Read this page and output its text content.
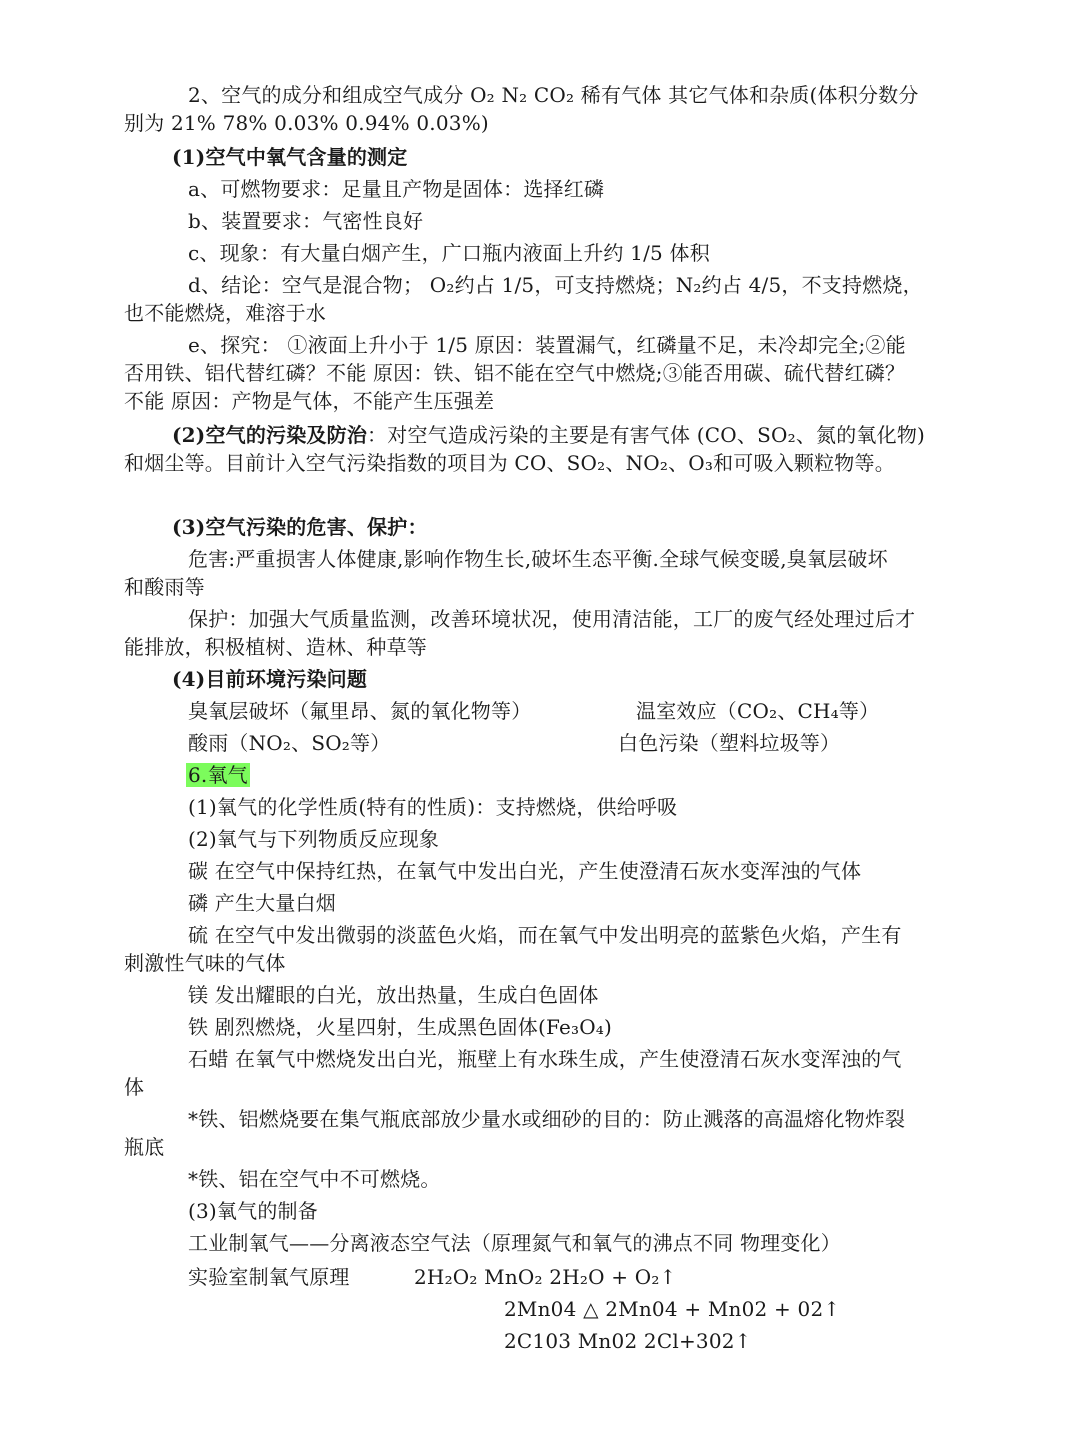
2、空气的成分和组成空气成分 O₂ N₂ CO₂ 稀有气体 其它气体和杂质(体积分数分
别为 21% 78% 0.03% 0.94% 0.03%)
(1)空气中氧气含量的测定
a、可燃物要求：足量且产物是固体：选择红磷
b、装置要求：气密性良好
c、现象：有大量白烟产生，广口瓶内液面上升约 1/5 体积
d、结论：空气是混合物； O₂约占 1/5，可支持燃烧；N₂约占 4/5，不支持燃烧，
也不能燃烧，难溶于水
e、探究： ①液面上升小于 1/5 原因：装置漏气，红磷量不足，未冷却完全;②能
否用铁、铝代替红磷？不能 原因：铁、铝不能在空气中燃烧;③能否用碳、硫代替红磷？
不能 原因：产物是气体，不能产生压强差
(2)空气的污染及防治：对空气造成污染的主要是有害气体 (CO、SO₂、氮的氧化物)
和烟尘等。目前计入空气污染指数的项目为 CO、SO₂、NO₂、O₃和可吸入颗粒物等。
(3)空气污染的危害、保护：
危害:严重损害人体健康,影响作物生长,破坏生态平衡.全球气候变暖,臭氧层破坏
和酸雨等
保护：加强大气质量监测，改善环境状况，使用清洁能，工厂的废气经处理过后才
能排放，积极植树、造林、种草等
(4)目前环境污染问题
臭氧层破坏（氟里昂、氮的氧化物等）	温室效应（CO₂、CH₄等）
酸雨（NO₂、SO₂等）	白色污染（塑料垃圾等）
6.氧气
(1)氧气的化学性质(特有的性质)：支持燃烧，供给呼吸
(2)氧气与下列物质反应现象
碳 在空气中保持红热，在氧气中发出白光，产生使澄清石灰水变浑浊的气体
磷 产生大量白烟
硫 在空气中发出微弱的淡蓝色火焰，而在氧气中发出明亮的蓝紫色火焰，产生有
刺激性气味的气体
镁 发出耀眼的白光，放出热量，生成白色固体
铁 剧烈燃烧，火星四射，生成黑色固体(Fe₃O₄)
石蜡 在氧气中燃烧发出白光，瓶壁上有水珠生成，产生使澄清石灰水变浑浊的气
体
*铁、铝燃烧要在集气瓶底部放少量水或细砂的目的：防止溅落的高温熔化物炸裂
瓶底
*铁、铝在空气中不可燃烧。
(3)氧气的制备
工业制氧气——分离液态空气法（原理氮气和氧气的沸点不同 物理变化）
实验室制氧气原理	2H₂O₂ MnO₂ 2H₂O + O₂↑
2Mn04 △ 2Mn04 + Mn02 + 02↑
2C103 Mn02 2Cl+302↑
